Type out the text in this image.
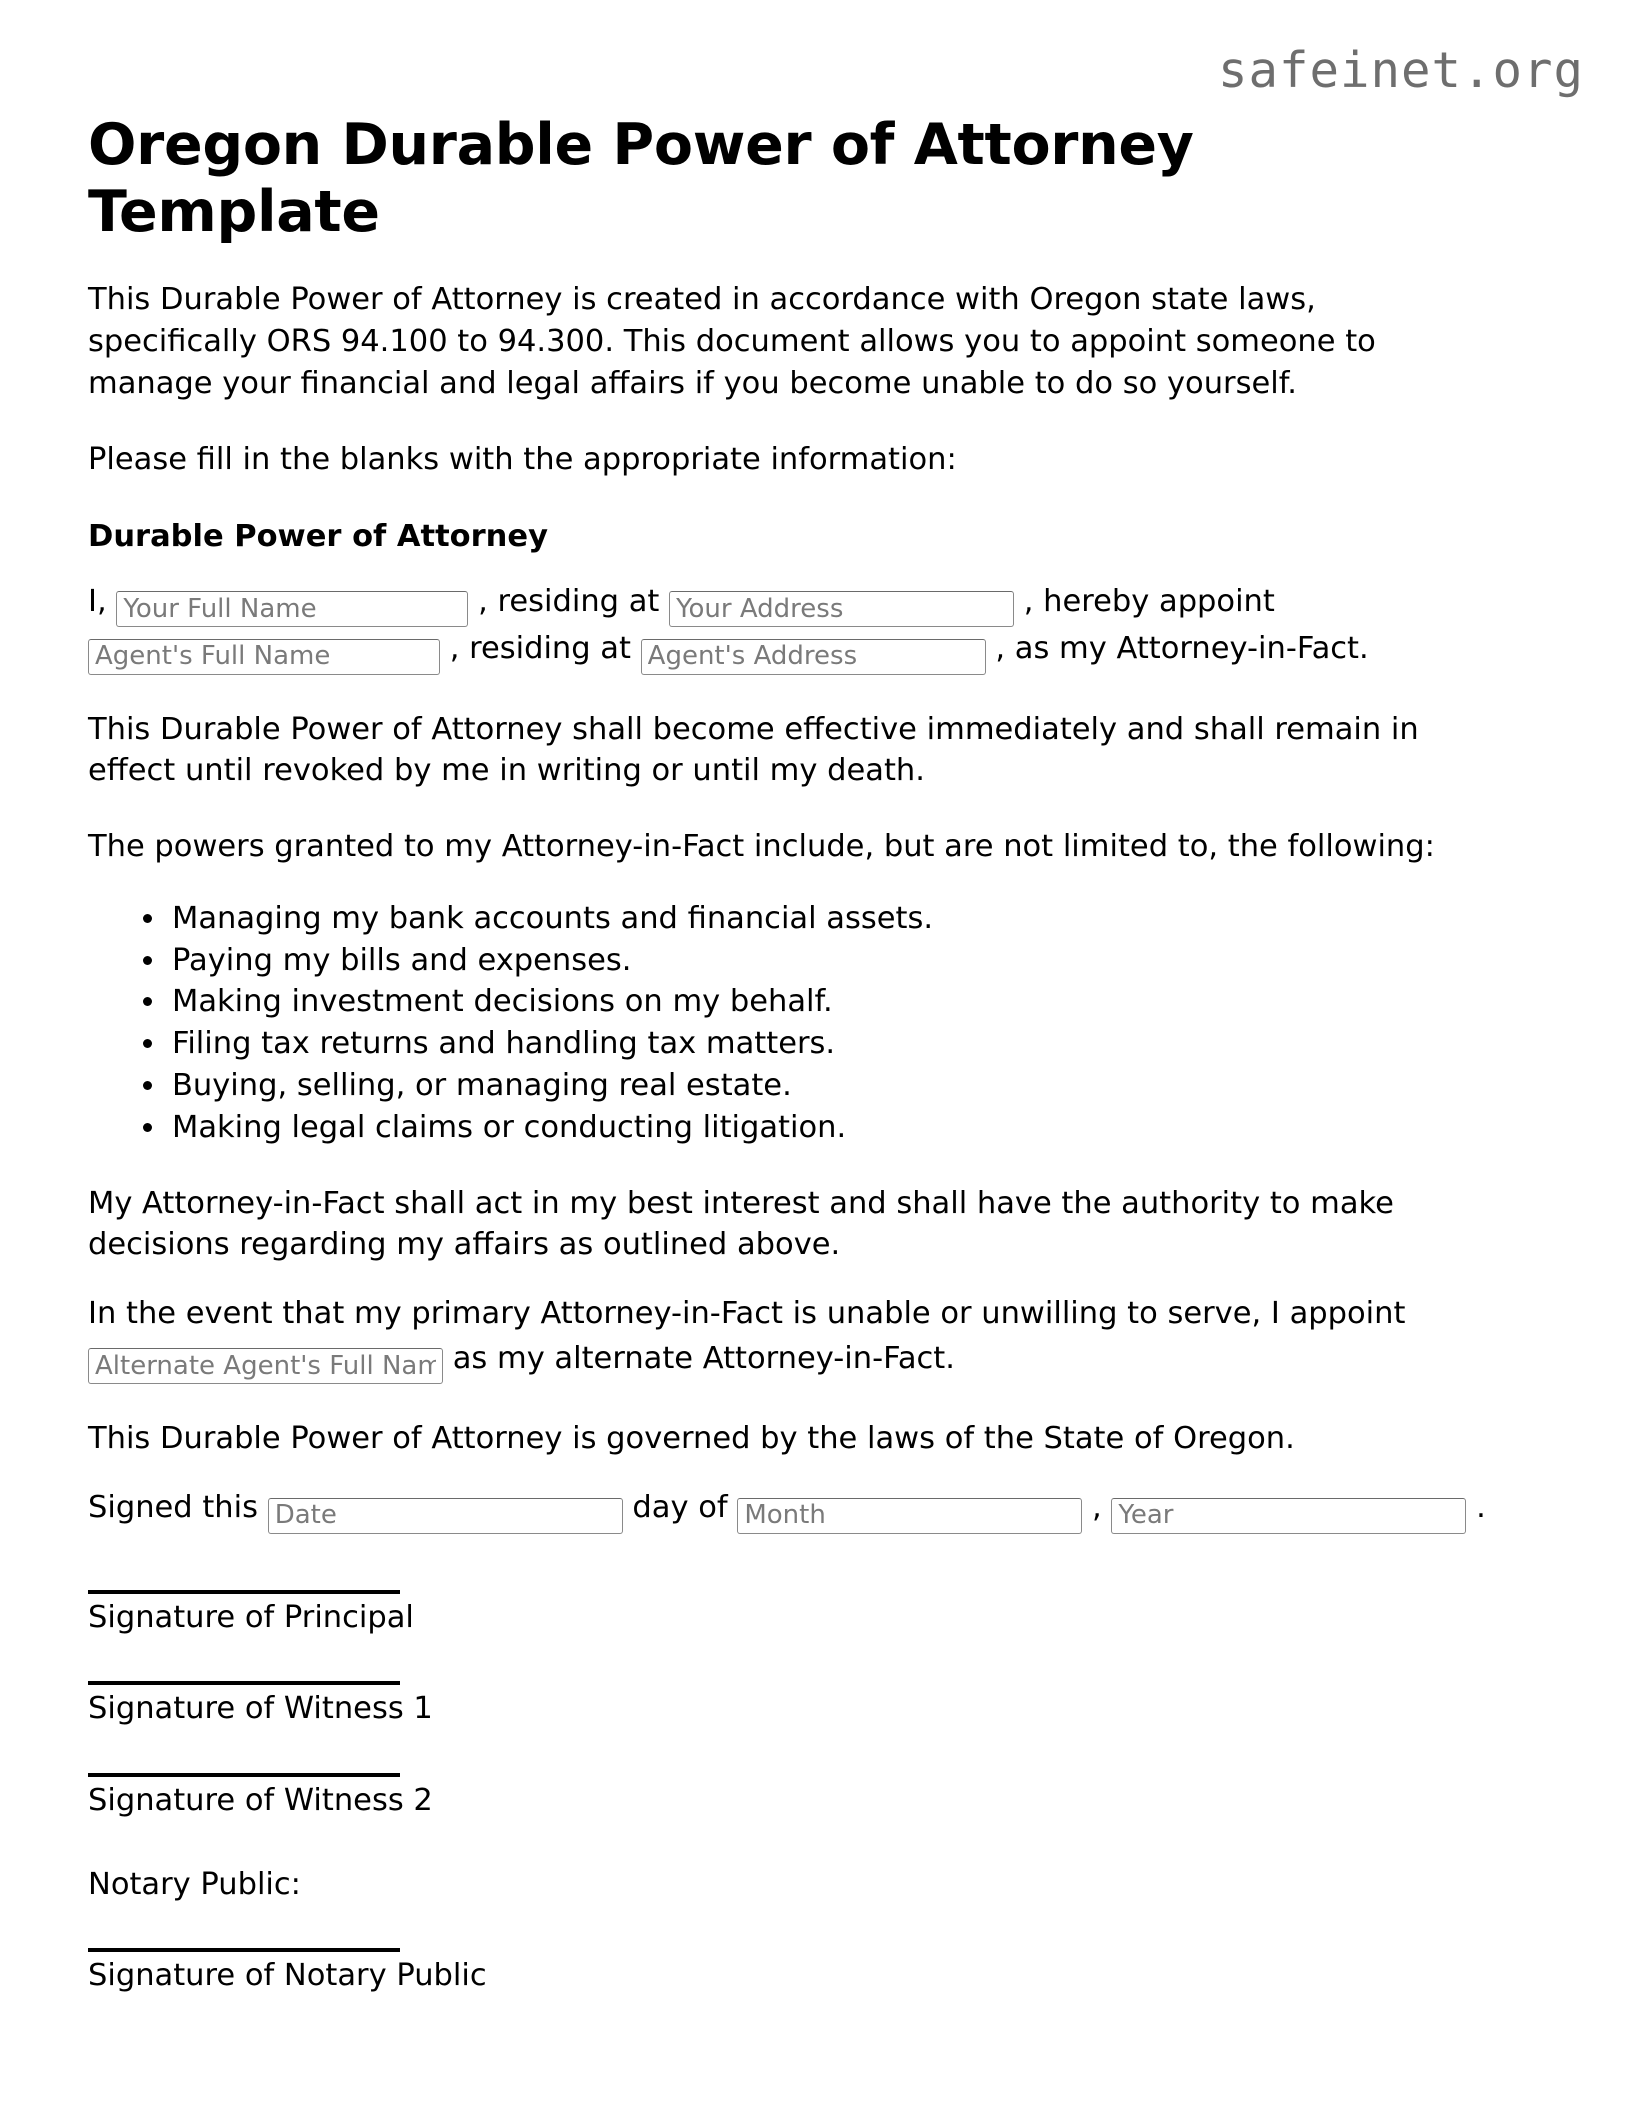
safeinet.org
Oregon Durable Power of Attorney Template

This Durable Power of Attorney is created in accordance with Oregon state laws, specifically ORS 94.100 to 94.300. This document allows you to appoint someone to manage your financial and legal affairs if you become unable to do so yourself.

Please fill in the blanks with the appropriate information:

Durable Power of Attorney
I, Your Full Name	, residing at Your Address	, hereby appoint Agent's Full Name , residing at Agent's Address	, as my Attorney-in-Fact.

This Durable Power of Attorney shall become effective immediately and shall remain in effect until revoked by me in writing or until my death.

The powers granted to my Attorney-in-Fact include, but are not limited to, the following:

• Managing my bank accounts and financial assets.
• Paying my bills and expenses.
• Making investment decisions on my behalf.
• Filing tax returns and handling tax matters.
• Buying, selling, or managing real estate.
• Making legal claims or conducting litigation.

My Attorney-in-Fact shall act in my best interest and shall have the authority to make decisions regarding my affairs as outlined above.

In the event that my primary Attorney-in-Fact is unable or unwilling to serve, I appoint Alternate Agent's Full Name as my alternate Attorney-in-Fact.

This Durable Power of Attorney is governed by the laws of the State of Oregon.

Signed this Date	day of Month	, Year	.

Signature of Principal

Signature of Witness 1

Signature of Witness 2

Notary Public:

Signature of Notary Public
